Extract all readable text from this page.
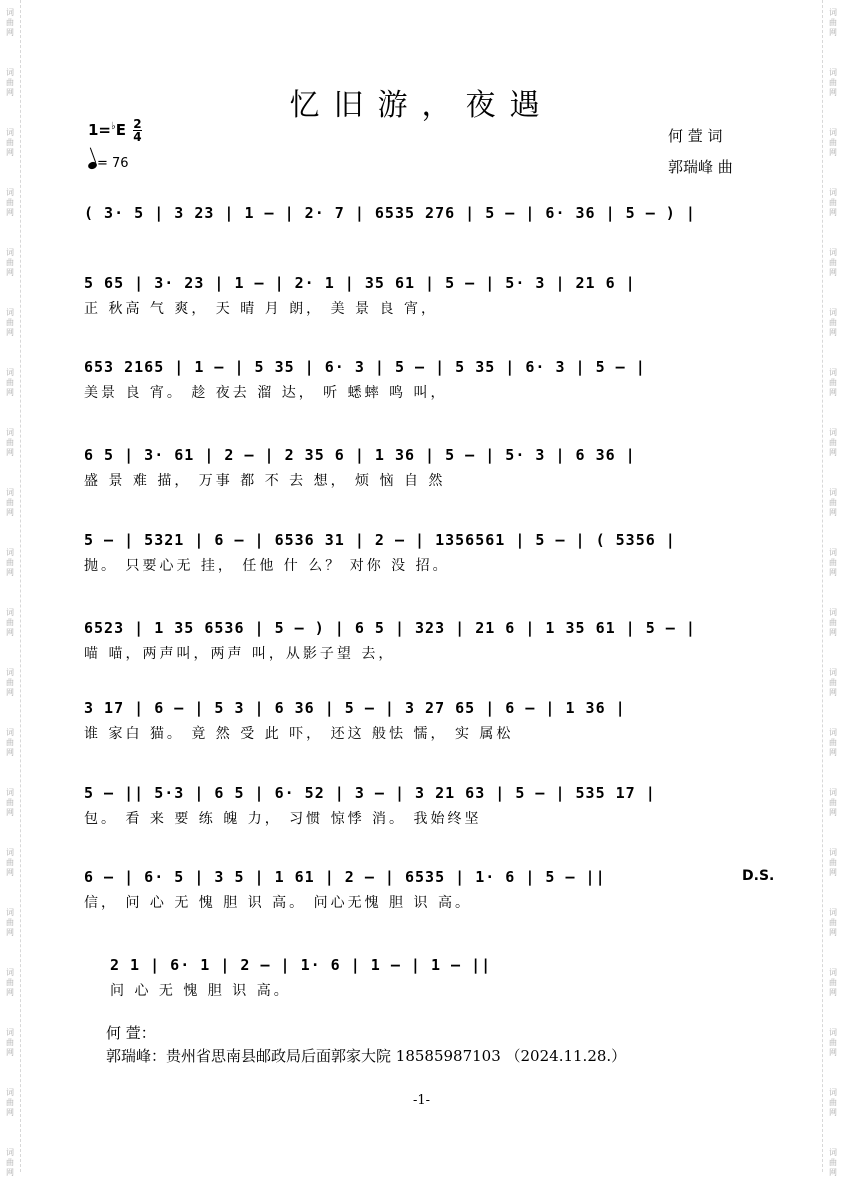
词
曲
网
词
曲
网
词
曲
网
词
曲
网
词
曲
网
词
曲
网
词
曲
网
词
曲
网
词
曲
网
词
曲
网
词
曲
网
词
曲
网
词
曲
网
词
曲
网
词
曲
网
词
曲
网
词
曲
网
词
曲
网
词
曲
网
词
曲
网
词
曲
网
词
曲
网
词
曲
网
词
曲
网
词
曲
网
词
曲
网
词
曲
网
词
曲
网
词
曲
网
词
曲
网
词
曲
网
词
曲
网
词
曲
网
词
曲
网
词
曲
网
词
曲
网
词
曲
网
词
曲
网
词
曲
网
词
曲
网
忆旧游，夜遇
$1=^♭E \frac{2}{4}$
= 76
何 萱 词
郭瑞峰 曲
( 3· 5 | 3 23 | 1 – | 2· 7 | 6535 276 | 5 – | 6· 36 | 5 – ) |
5 65 | 3· 23 | 1 – | 2· 1 | 35 61 | 5 – | 5· 3 | 21 6 |
正 秋高 气 爽， 天 晴 月 朗， 美 景 良 宵，
653 2165 | 1 – | 5 35 | 6· 3 | 5 – | 5 35 | 6· 3 | 5 – |
美景 良 宵。 趁 夜去 溜 达， 听 蟋蟀 鸣 叫，
6 5 | 3· 61 | 2 – | 2 35 6 | 1 36 | 5 – | 5· 3 | 6 36 |
盛 景 难 描， 万事 都 不 去 想， 烦 恼 自 然
5 – | 5321 | 6 – | 6536 31 | 2 – | 1356561 | 5 – | ( 5356 |
抛。 只要心无 挂， 任他 什 么？ 对你 没 招。
6523 | 1 35 6536 | 5 – ) | 6 5 | 323 | 21 6 | 1 35 61 | 5 – |
喵 喵，两声叫，两声 叫，从影子望 去，
3 17 | 6 – | 5 3 | 6 36 | 5 – | 3 27 65 | 6 – | 1 36 |
谁 家白 猫。 竟 然 受 此 吓， 还这 般怯 懦， 实 属松
5 – || 5·3 | 6 5 | 6· 52 | 3 – | 3 21 63 | 5 – | 535 17 |
包。 看 来 要 练 魄 力， 习惯 惊悸 消。 我始终坚
6 – | 6· 5 | 3 5 | 1 61 | 2 – | 6535 | 1· 6 | 5 – ||	D.S.
信， 问 心 无 愧 胆 识 高。 问心无愧 胆 识 高。
2 1 | 6· 1 | 2 – | 1· 6 | 1 – | 1 – ||
问 心 无 愧 胆 识 高。
何 萱：
郭瑞峰：贵州省思南县邮政局后面郭家大院 18585987103 （2024.11.28.）
-1-
